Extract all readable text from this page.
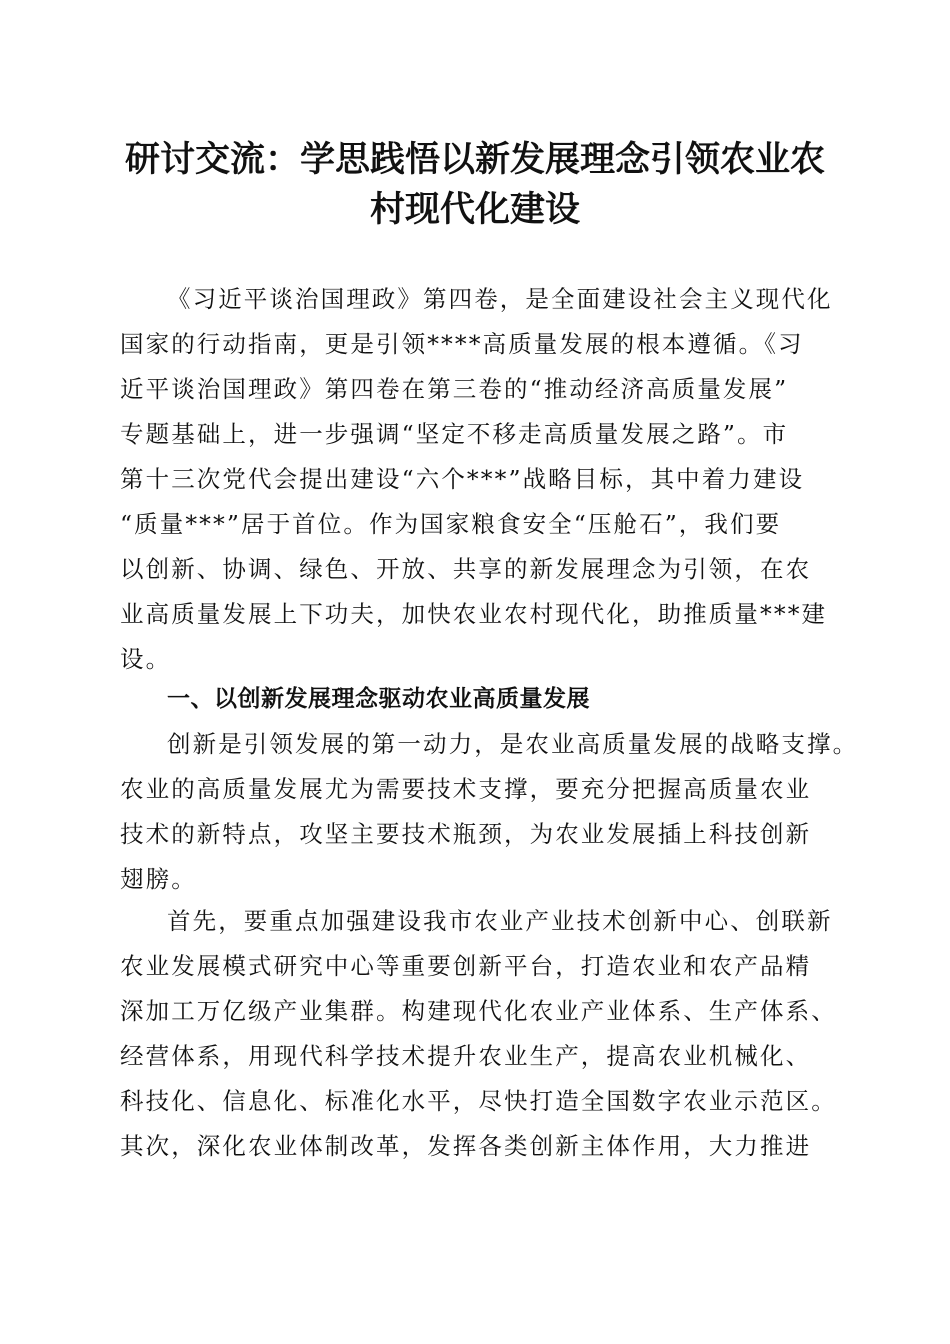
研讨交流：学思践悟以新发展理念引领农业农
村现代化建设
《习近平谈治国理政》第四卷，是全面建设社会主义现代化
国家的行动指南，更是引领****高质量发展的根本遵循。《习
近平谈治国理政》第四卷在第三卷的“推动经济高质量发展”
专题基础上，进一步强调“坚定不移走高质量发展之路”。市
第十三次党代会提出建设“六个***”战略目标，其中着力建设
“质量***”居于首位。作为国家粮食安全“压舱石”，我们要
以创新、协调、绿色、开放、共享的新发展理念为引领，在农
业高质量发展上下功夫，加快农业农村现代化，助推质量***建
设。
一、以创新发展理念驱动农业高质量发展
创新是引领发展的第一动力，是农业高质量发展的战略支撑。
农业的高质量发展尤为需要技术支撑，要充分把握高质量农业
技术的新特点，攻坚主要技术瓶颈，为农业发展插上科技创新
翅膀。
首先，要重点加强建设我市农业产业技术创新中心、创联新
农业发展模式研究中心等重要创新平台，打造农业和农产品精
深加工万亿级产业集群。构建现代化农业产业体系、生产体系、
经营体系，用现代科学技术提升农业生产，提高农业机械化、
科技化、信息化、标准化水平，尽快打造全国数字农业示范区。
其次，深化农业体制改革，发挥各类创新主体作用，大力推进
